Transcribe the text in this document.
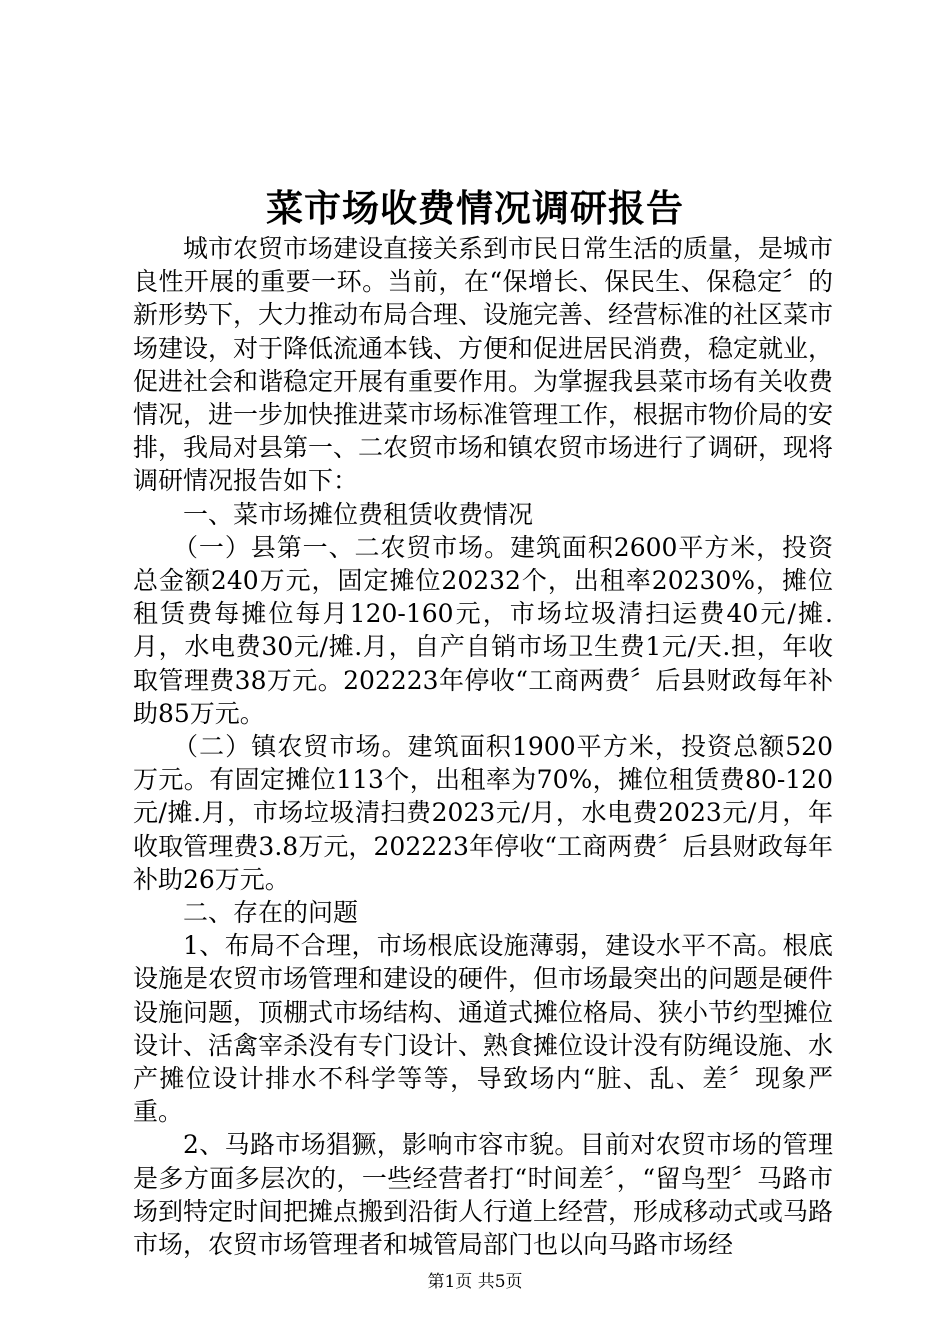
菜市场收费情况调研报告

城市农贸市场建设直接关系到市民日常生活的质量，是城市良性开展的重要一环。当前，在“保增长、保民生、保稳定〞的新形势下，大力推动布局合理、设施完善、经营标准的社区菜市场建设，对于降低流通本钱、方便和促进居民消费，稳定就业，促进社会和谐稳定开展有重要作用。为掌握我县菜市场有关收费情况，进一步加快推进菜市场标准管理工作，根据市物价局的安排，我局对县第一、二农贸市场和镇农贸市场进行了调研，现将调研情况报告如下：

一、菜市场摊位费租赁收费情况

（一）县第一、二农贸市场。建筑面积2600平方米，投资总金额240万元，固定摊位20232个，出租率20230%，摊位租赁费每摊位每月120-160元，市场垃圾清扫运费40元/摊.月，水电费30元/摊.月，自产自销市场卫生费1元/天.担，年收取管理费38万元。202223年停收“工商两费〞后县财政每年补助85万元。

（二）镇农贸市场。建筑面积1900平方米，投资总额520万元。有固定摊位113个，出租率为70%，摊位租赁费80-120元/摊.月，市场垃圾清扫费2023元/月，水电费2023元/月，年收取管理费3.8万元，202223年停收“工商两费〞后县财政每年补助26万元。

二、存在的问题

1、布局不合理，市场根底设施薄弱，建设水平不高。根底设施是农贸市场管理和建设的硬件，但市场最突出的问题是硬件设施问题，顶棚式市场结构、通道式摊位格局、狭小节约型摊位设计、活禽宰杀没有专门设计、熟食摊位设计没有防绳设施、水产摊位设计排水不科学等等，导致场内“脏、乱、差〞现象严重。

2、马路市场猖獗，影响市容市貌。目前对农贸市场的管理是多方面多层次的，一些经营者打“时间差〞，“留鸟型〞马路市场到特定时间把摊点搬到沿街人行道上经营，形成移动式或马路市场，农贸市场管理者和城管局部门也以向马路市场经

第1页 共5页
